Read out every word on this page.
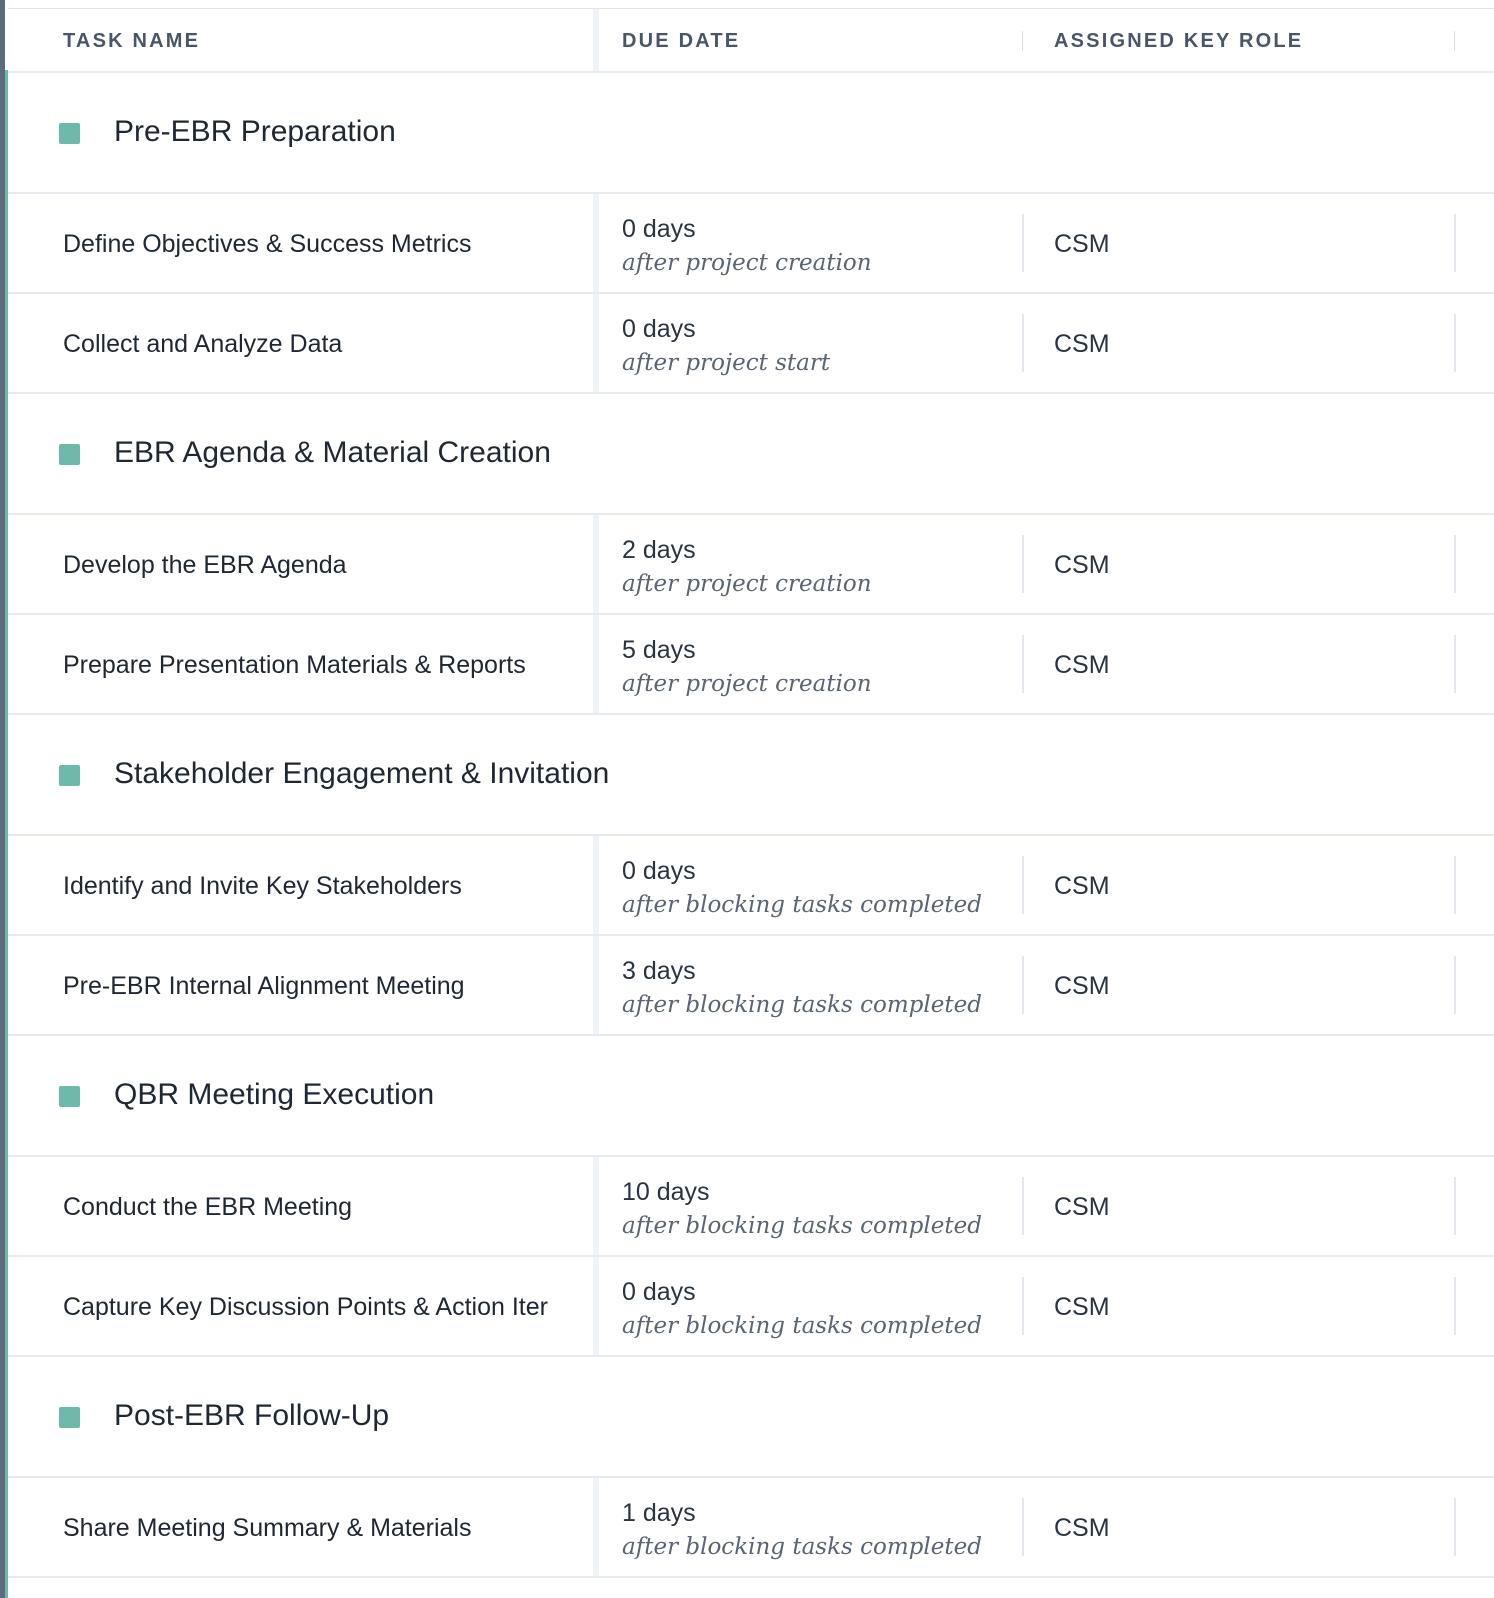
TASK NAME	DUE DATE	ASSIGNED KEY ROLE
Pre-EBR Preparation
Define Objectives & Success Metrics
0 days
after project creation
CSM
Collect and Analyze Data
0 days
after project start
CSM
EBR Agenda & Material Creation
Develop the EBR Agenda
2 days
after project creation
CSM
Prepare Presentation Materials & Reports
5 days
after project creation
CSM
Stakeholder Engagement & Invitation
Identify and Invite Key Stakeholders
0 days
after blocking tasks completed
CSM
Pre-EBR Internal Alignment Meeting
3 days
after blocking tasks completed
CSM
QBR Meeting Execution
Conduct the EBR Meeting
10 days
after blocking tasks completed
CSM
Capture Key Discussion Points & Action Iter
0 days
after blocking tasks completed
CSM
Post-EBR Follow-Up
Share Meeting Summary & Materials
1 days
after blocking tasks completed
CSM
